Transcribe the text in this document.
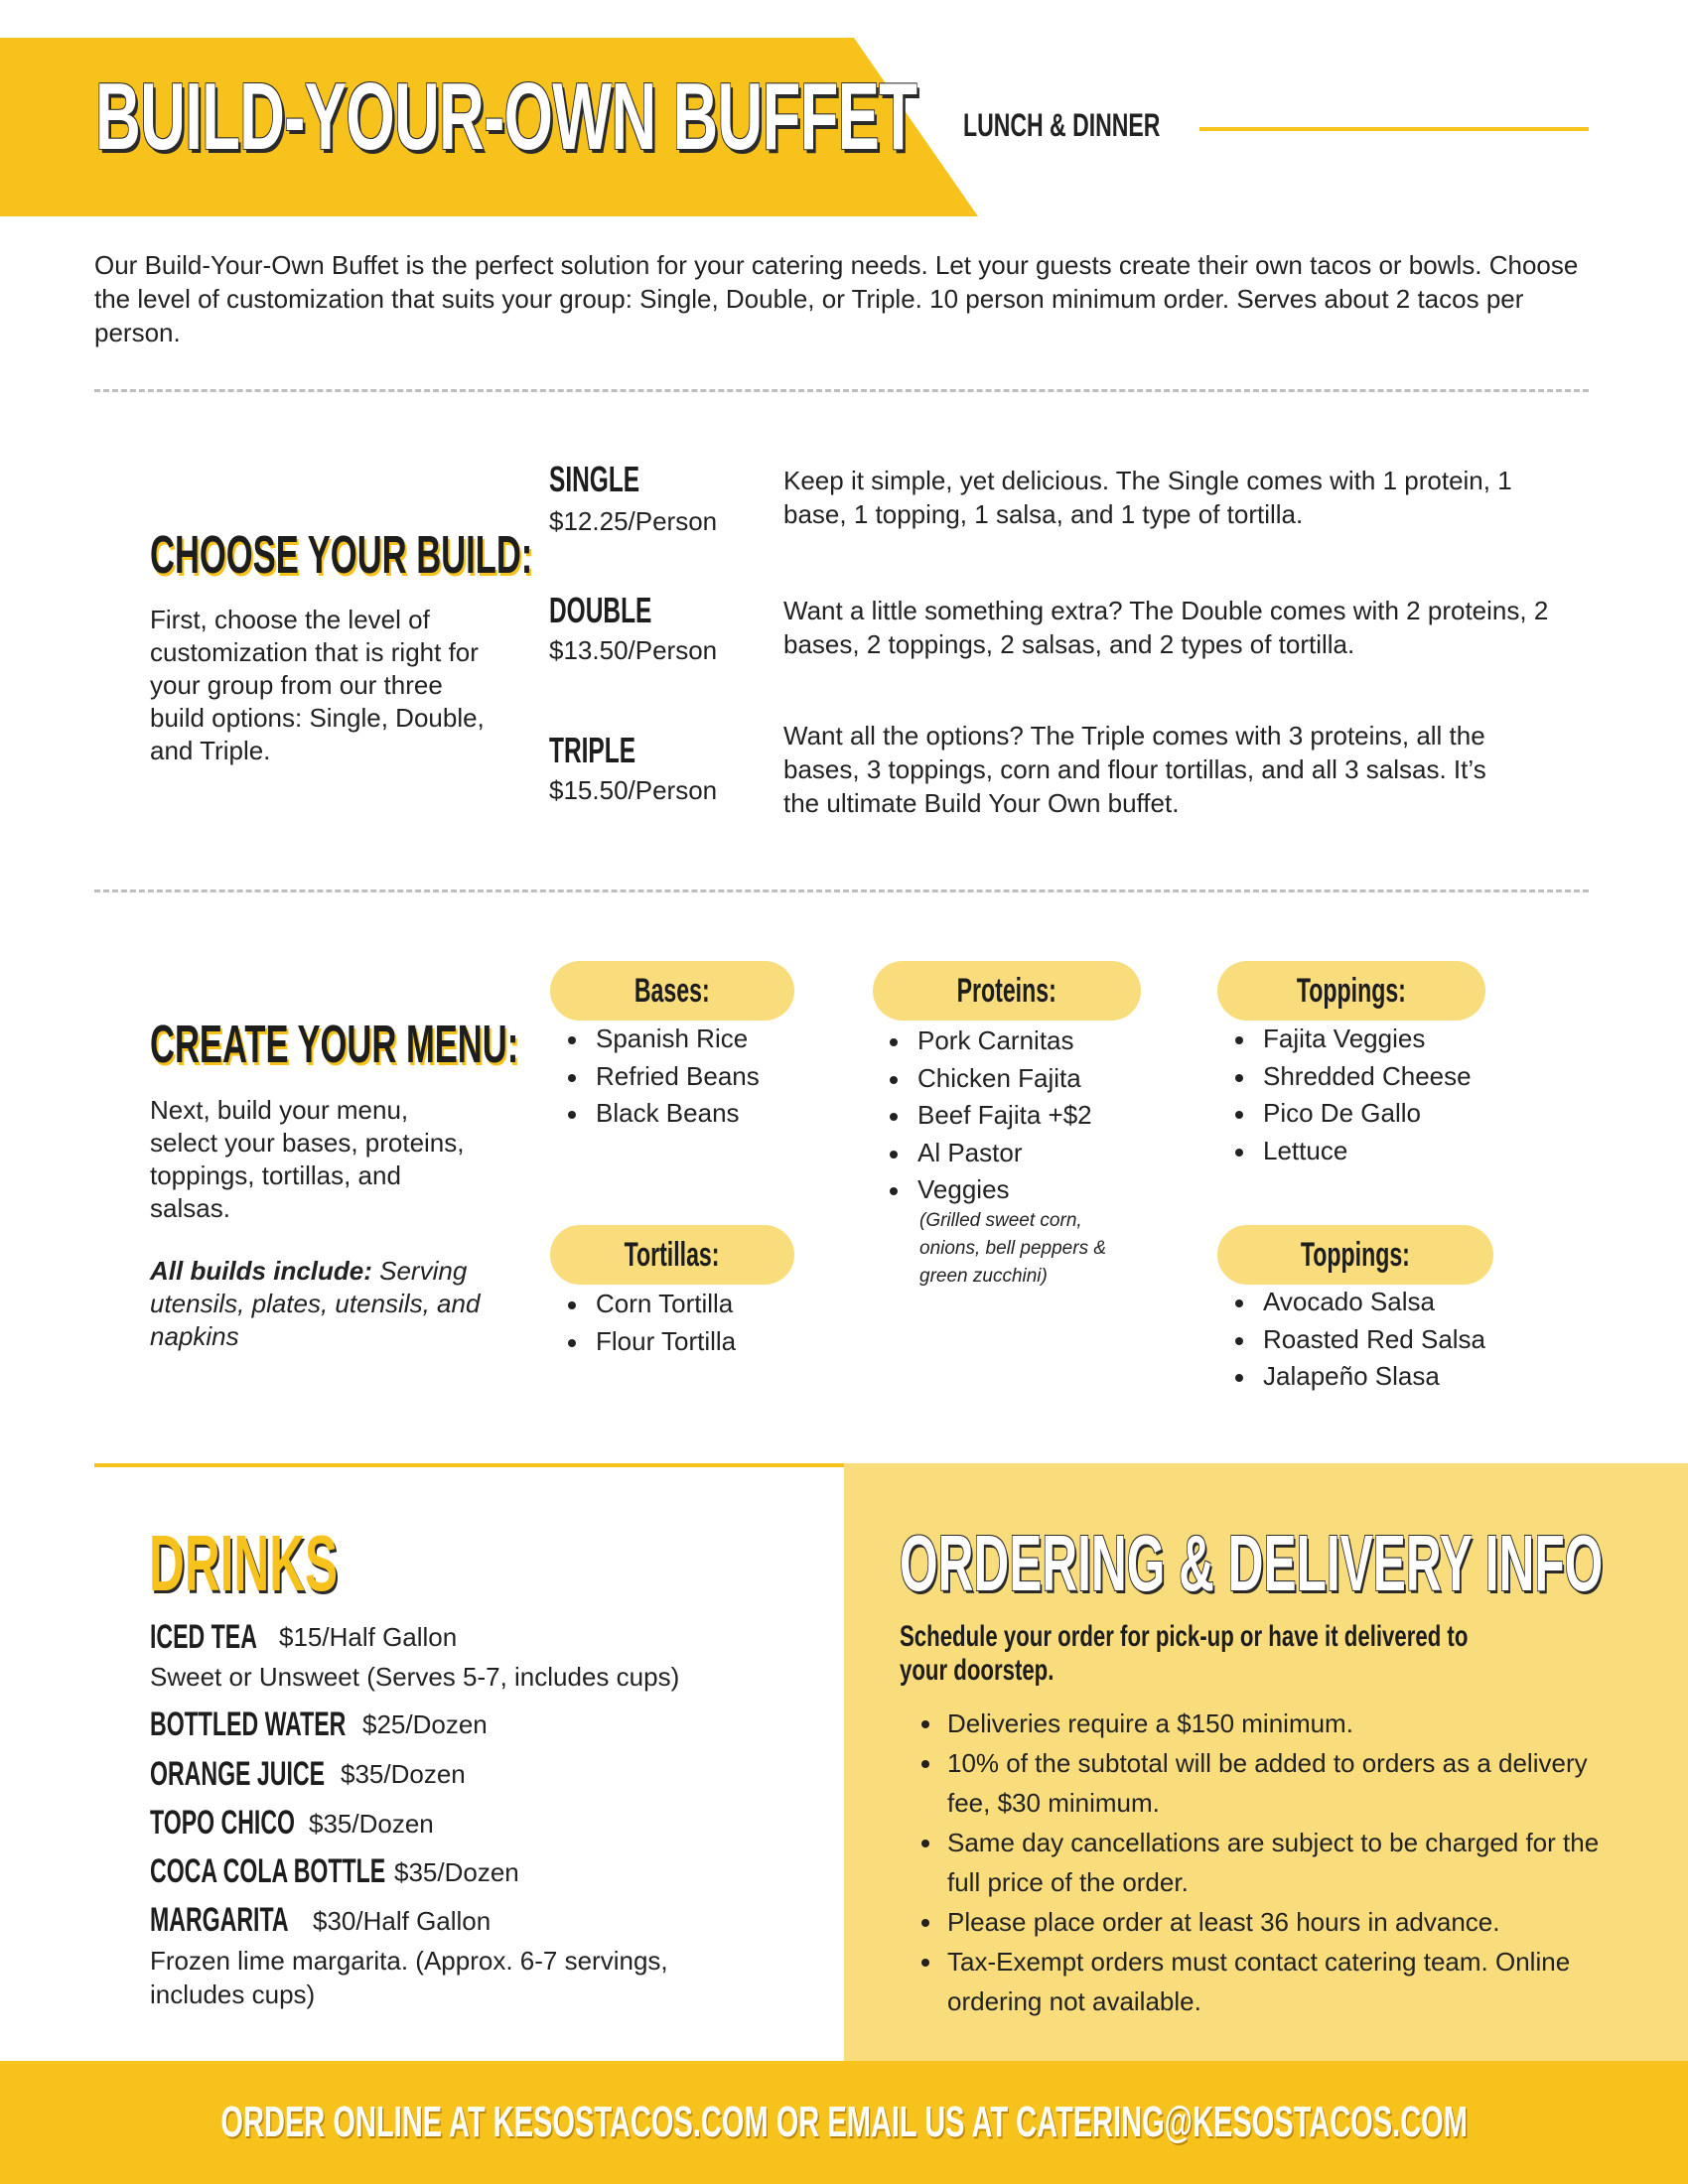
BUILD-YOUR-OWN BUFFET LUNCH & DINNER

Our Build-Your-Own Buffet is the perfect solution for your catering needs. Let your guests create their own tacos or bowls. Choose the level of customization that suits your group: Single, Double, or Triple. 10 person minimum order. Serves about 2 tacos per person.

CHOOSE YOUR BUILD:

First, choose the level of customization that is right for your group from our three build options: Single, Double, and Triple.

SINGLE
$12.25/Person

Keep it simple, yet delicious. The Single comes with 1 protein, 1 base, 1 topping, 1 salsa, and 1 type of tortilla.

DOUBLE
$13.50/Person

Want a little something extra? The Double comes with 2 proteins, 2 bases, 2 toppings, 2 salsas, and 2 types of tortilla.

TRIPLE
$15.50/Person

Want all the options? The Triple comes with 3 proteins, all the bases, 3 toppings, corn and flour tortillas, and all 3 salsas. It’s the ultimate Build Your Own buffet.

CREATE YOUR MENU:

Next, build your menu, select your bases, proteins, toppings, tortillas, and salsas.

All builds include: Serving utensils, plates, utensils, and napkins

Bases:
Spanish Rice
Refried Beans
Black Beans
Tortillas:
Corn Tortilla
Flour Tortilla
Proteins:
Pork Carnitas
Chicken Fajita
Beef Fajita +$2
Al Pastor
Veggies

(Grilled sweet corn, onions, bell peppers & green zucchini)

Toppings:
Fajita Veggies
Shredded Cheese
Pico De Gallo
Lettuce
Toppings:
Avocado Salsa
Roasted Red Salsa
Jalapeño Slasa
DRINKS
ICED TEA $15/Half Gallon
Sweet or Unsweet (Serves 5-7, includes cups)
BOTTLED WATER $25/Dozen
ORANGE JUICE $35/Dozen
TOPO CHICO $35/Dozen
COCA COLA BOTTLE $35/Dozen
MARGARITA $30/Half Gallon

Frozen lime margarita. (Approx. 6-7 servings, includes cups)

ORDERING & DELIVERY INFO

Schedule your order for pick-up or have it delivered to your doorstep.

Deliveries require a $150 minimum.
10% of the subtotal will be added to orders as a delivery fee, $30 minimum.
Same day cancellations are subject to be charged for the full price of the order.
Please place order at least 36 hours in advance.
Tax-Exempt orders must contact catering team. Online ordering not available.
ORDER ONLINE AT KESOSTACOS.COM OR EMAIL US AT CATERING@KESOSTACOS.COM
